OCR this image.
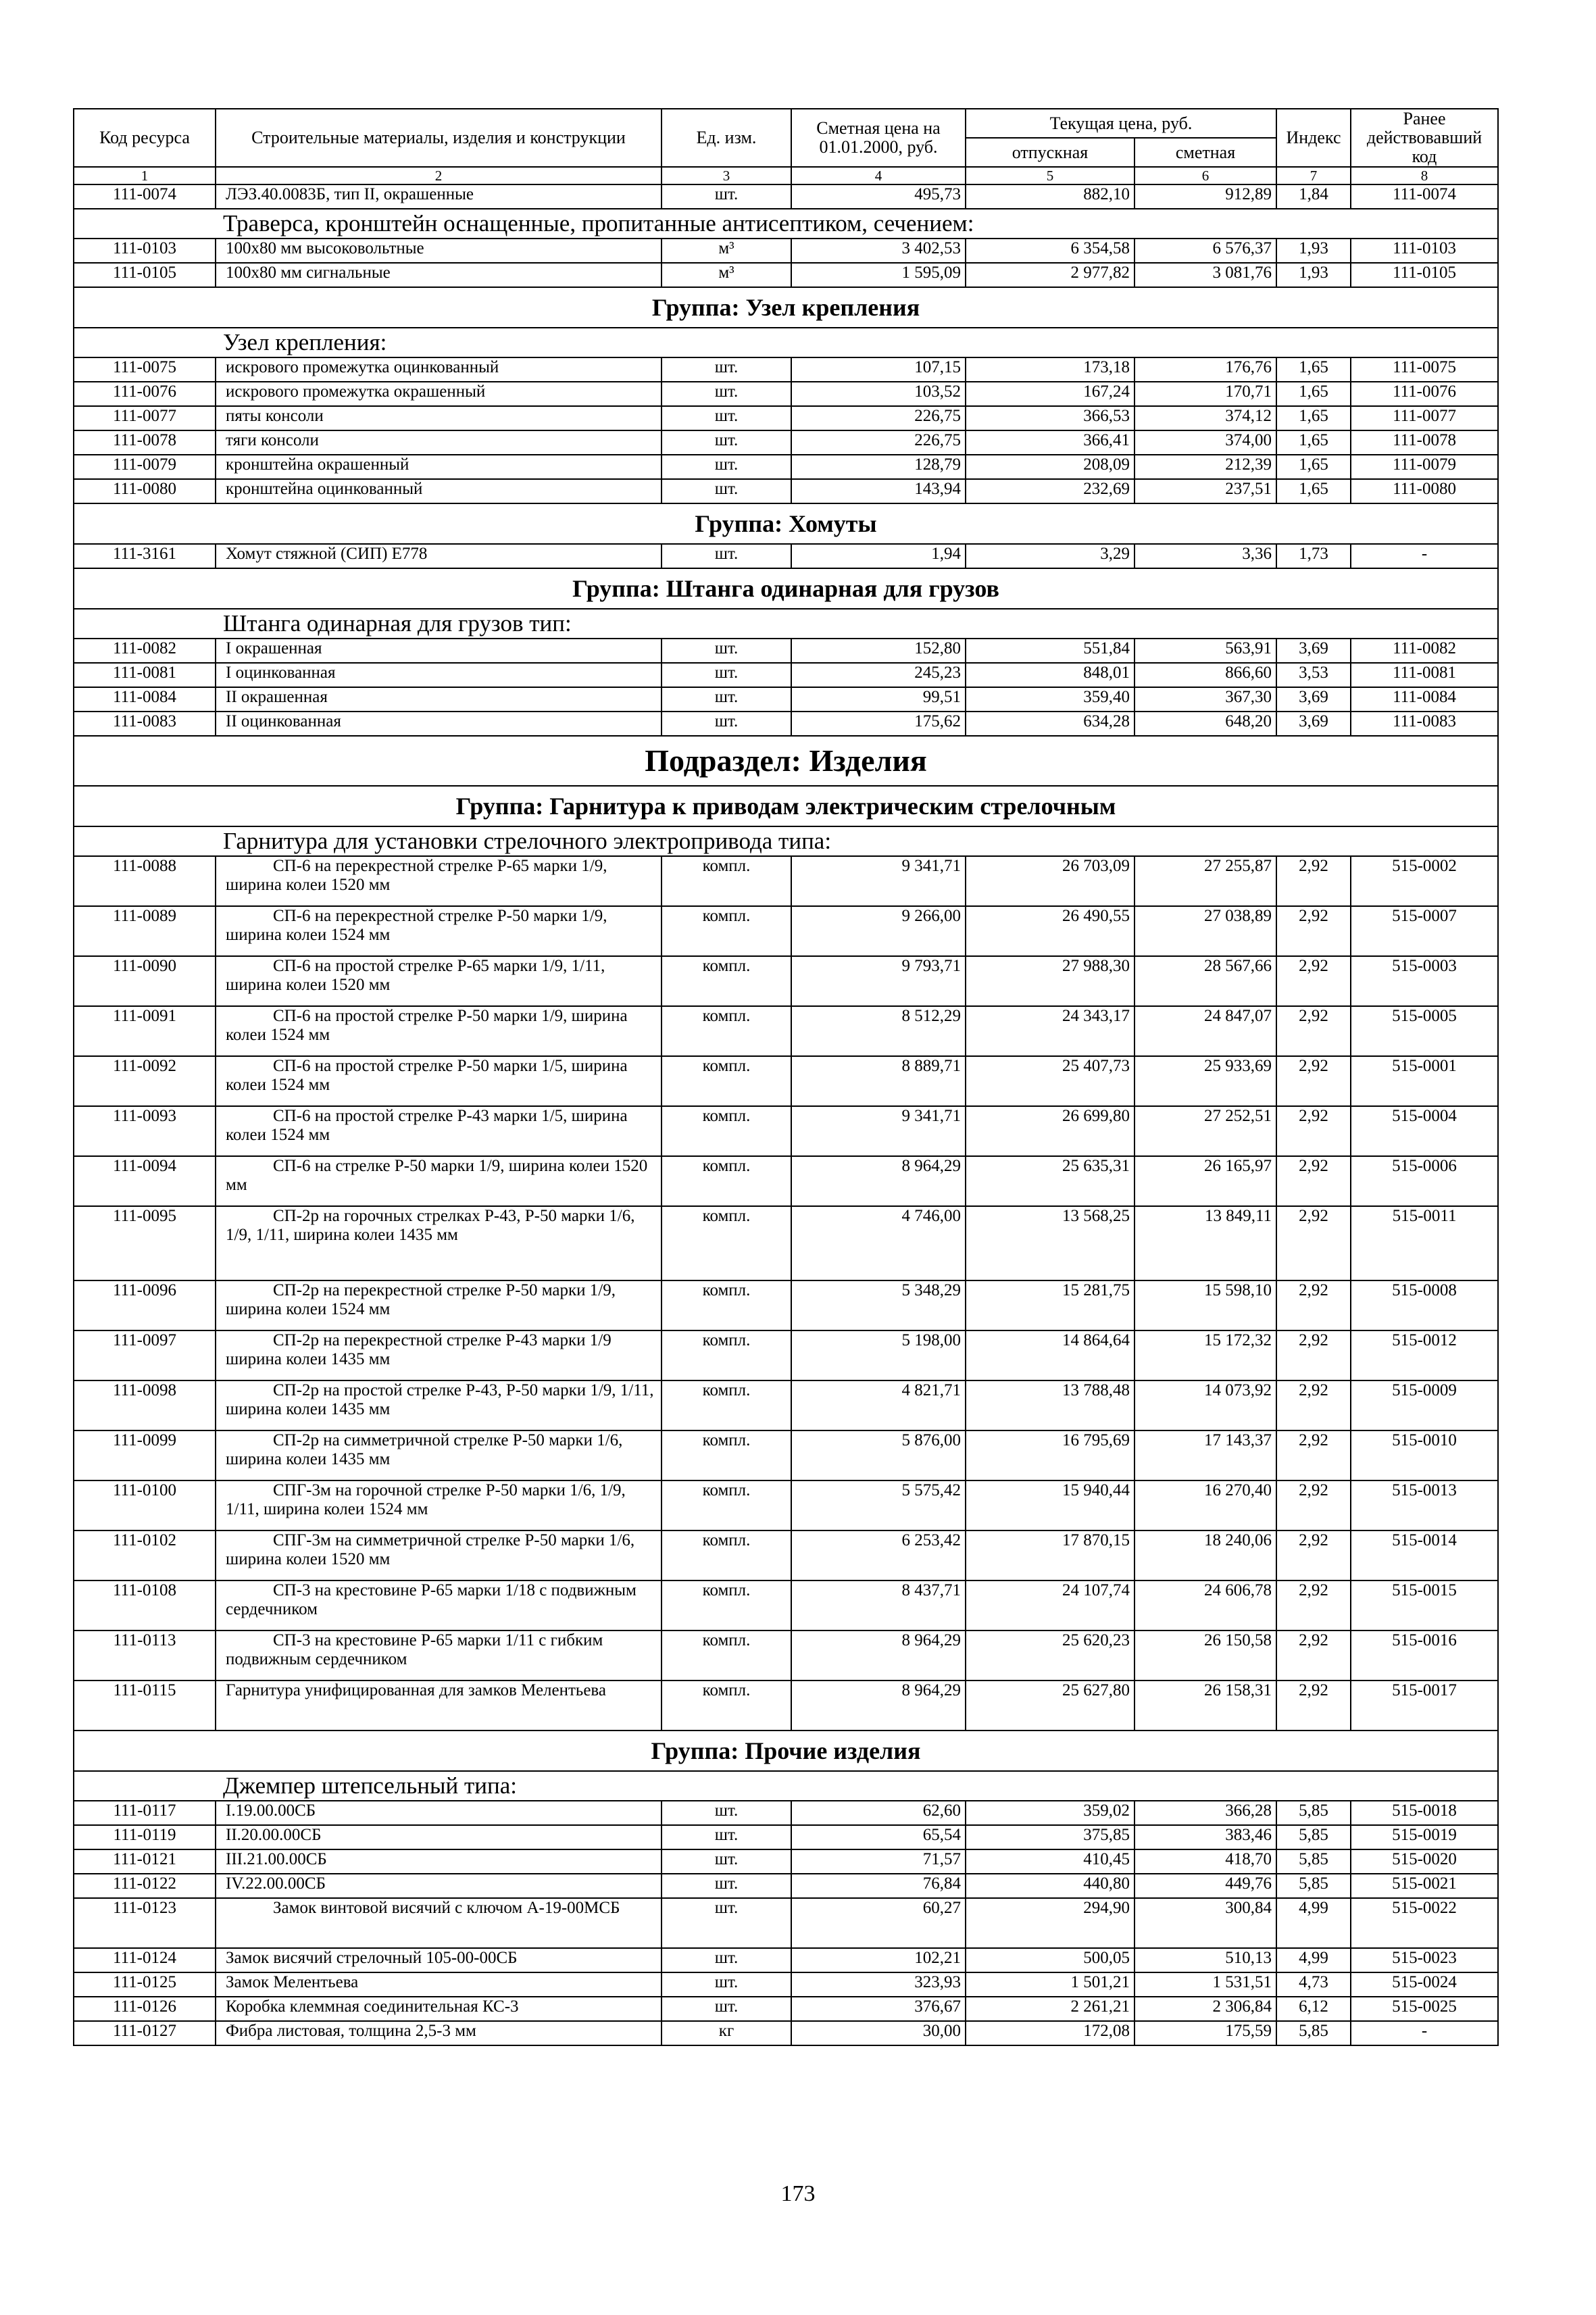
Код ресурса	Строительные материалы, изделия и конструкции	Ед. изм.	Сметная цена на 01.01.2000, руб.	Текущая цена, руб.		Индекс	Ранее действовавший код
				отпускная	сметная		
1	2	3	4	5	6	7	8
111-0074	ЛЭЗ.40.0083Б, тип II, окрашенные	шт.	495,73	882,10	912,89	1,84	111-0074
Траверса, кронштейн оснащенные, пропитанные антисептиком, сечением:							
111-0103	100х80 мм высоковольтные	м³	3 402,53	6 354,58	6 576,37	1,93	111-0103
111-0105	100х80 мм сигнальные	м³	1 595,09	2 977,82	3 081,76	1,93	111-0105
Группа: Узел крепления							
Узел крепления:							
111-0075	искрового промежутка оцинкованный	шт.	107,15	173,18	176,76	1,65	111-0075
111-0076	искрового промежутка окрашенный	шт.	103,52	167,24	170,71	1,65	111-0076
111-0077	пяты консоли	шт.	226,75	366,53	374,12	1,65	111-0077
111-0078	тяги консоли	шт.	226,75	366,41	374,00	1,65	111-0078
111-0079	кронштейна окрашенный	шт.	128,79	208,09	212,39	1,65	111-0079
111-0080	кронштейна оцинкованный	шт.	143,94	232,69	237,51	1,65	111-0080
Группа: Хомуты							
111-3161	Хомут стяжной (СИП) Е778	шт.	1,94	3,29	3,36	1,73	-
Группа: Штанга одинарная для грузов							
Штанга одинарная для грузов тип:							
111-0082	I окрашенная	шт.	152,80	551,84	563,91	3,69	111-0082
111-0081	I оцинкованная	шт.	245,23	848,01	866,60	3,53	111-0081
111-0084	II окрашенная	шт.	99,51	359,40	367,30	3,69	111-0084
111-0083	II оцинкованная	шт.	175,62	634,28	648,20	3,69	111-0083
Подраздел: Изделия							
Группа: Гарнитура к приводам электрическим стрелочным							
Гарнитура для установки стрелочного электропривода типа:							
111-0088	СП-6 на перекрестной стрелке Р-65 марки 1/9, ширина колеи 1520 мм	компл.	9 341,71	26 703,09	27 255,87	2,92	515-0002
111-0089	СП-6 на перекрестной стрелке Р-50 марки 1/9, ширина колеи 1524 мм	компл.	9 266,00	26 490,55	27 038,89	2,92	515-0007
111-0090	СП-6 на простой стрелке Р-65 марки 1/9, 1/11, ширина колеи 1520 мм	компл.	9 793,71	27 988,30	28 567,66	2,92	515-0003
111-0091	СП-6 на простой стрелке Р-50 марки 1/9, ширина колеи 1524 мм	компл.	8 512,29	24 343,17	24 847,07	2,92	515-0005
111-0092	СП-6 на простой стрелке Р-50 марки 1/5, ширина колеи 1524 мм	компл.	8 889,71	25 407,73	25 933,69	2,92	515-0001
111-0093	СП-6 на простой стрелке Р-43 марки 1/5, ширина колеи 1524 мм	компл.	9 341,71	26 699,80	27 252,51	2,92	515-0004
111-0094	СП-6 на стрелке Р-50 марки 1/9, ширина колеи 1520 мм	компл.	8 964,29	25 635,31	26 165,97	2,92	515-0006
111-0095	СП-2р на горочных стрелках Р-43, Р-50 марки 1/6, 1/9, 1/11, ширина колеи 1435 мм	компл.	4 746,00	13 568,25	13 849,11	2,92	515-0011
111-0096	СП-2р на перекрестной стрелке Р-50 марки 1/9, ширина колеи 1524 мм	компл.	5 348,29	15 281,75	15 598,10	2,92	515-0008
111-0097	СП-2р на перекрестной стрелке Р-43 марки 1/9 ширина колеи 1435 мм	компл.	5 198,00	14 864,64	15 172,32	2,92	515-0012
111-0098	СП-2р на простой стрелке Р-43, Р-50 марки 1/9, 1/11, ширина колеи 1435 мм	компл.	4 821,71	13 788,48	14 073,92	2,92	515-0009
111-0099	СП-2р на симметричной стрелке Р-50 марки 1/6, ширина колеи 1435 мм	компл.	5 876,00	16 795,69	17 143,37	2,92	515-0010
111-0100	СПГ-3м на горочной стрелке Р-50 марки 1/6, 1/9, 1/11, ширина колеи 1524 мм	компл.	5 575,42	15 940,44	16 270,40	2,92	515-0013
111-0102	СПГ-3м на симметричной стрелке Р-50 марки 1/6, ширина колеи 1520 мм	компл.	6 253,42	17 870,15	18 240,06	2,92	515-0014
111-0108	СП-3 на крестовине Р-65 марки 1/18 с подвижным сердечником	компл.	8 437,71	24 107,74	24 606,78	2,92	515-0015
111-0113	СП-3 на крестовине Р-65 марки 1/11 с гибким подвижным сердечником	компл.	8 964,29	25 620,23	26 150,58	2,92	515-0016
111-0115	Гарнитура унифицированная для замков Мелентьева	компл.	8 964,29	25 627,80	26 158,31	2,92	515-0017
Группа: Прочие изделия							
Джемпер штепсельный типа:							
111-0117	I.19.00.00СБ	шт.	62,60	359,02	366,28	5,85	515-0018
111-0119	II.20.00.00СБ	шт.	65,54	375,85	383,46	5,85	515-0019
111-0121	III.21.00.00СБ	шт.	71,57	410,45	418,70	5,85	515-0020
111-0122	IV.22.00.00СБ	шт.	76,84	440,80	449,76	5,85	515-0021
111-0123	Замок винтовой висячий с ключом А-19-00МСБ	шт.	60,27	294,90	300,84	4,99	515-0022
111-0124	Замок висячий стрелочный 105-00-00СБ	шт.	102,21	500,05	510,13	4,99	515-0023
111-0125	Замок Мелентьева	шт.	323,93	1 501,21	1 531,51	4,73	515-0024
111-0126	Коробка клеммная соединительная КС-3	шт.	376,67	2 261,21	2 306,84	6,12	515-0025
111-0127	Фибра листовая, толщина 2,5-3 мм	кг	30,00	172,08	175,59	5,85	-
173
